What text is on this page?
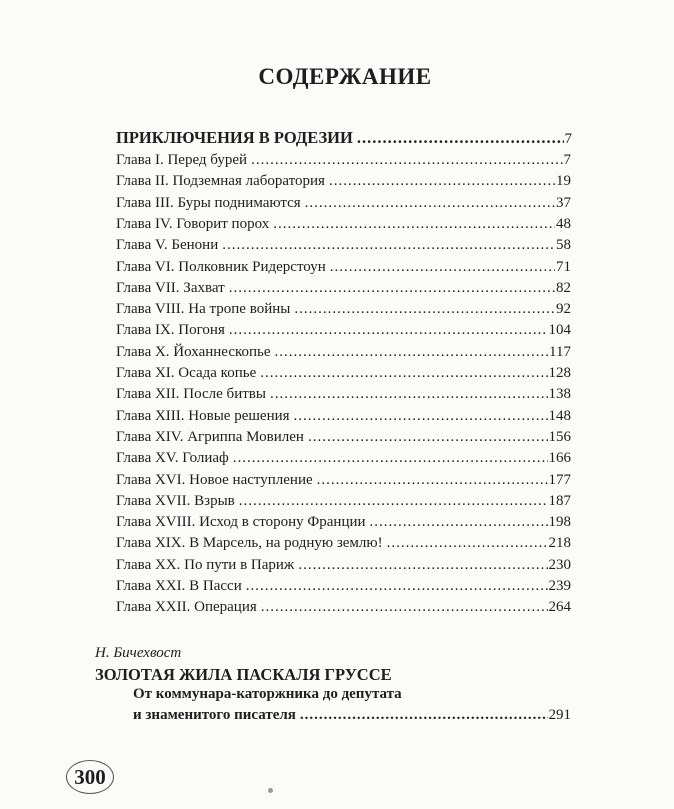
СОДЕРЖАНИЕ
ПРИКЛЮЧЕНИЯ В РОДЕЗИИ .....	7
Глава I. Перед бурей .....	7
Глава II. Подземная лаборатория .....	19
Глава III. Буры поднимаются .....	37
Глава IV. Говорит порох .....	48
Глава V. Бенони .....	58
Глава VI. Полковник Ридерстоун .....	71
Глава VII. Захват .....	82
Глава VIII. На тропе войны .....	92
Глава IX. Погоня .....	104
Глава X. Йоханнескопье .....	117
Глава XI. Осада копье .....	128
Глава XII. После битвы .....	138
Глава XIII. Новые решения .....	148
Глава XIV. Агриппа Мовилен .....	156
Глава XV. Голиаф .....	166
Глава XVI. Новое наступление .....	177
Глава XVII. Взрыв .....	187
Глава XVIII. Исход в сторону Франции .....	198
Глава XIX. В Марсель, на родную землю! .....	218
Глава XX. По пути в Париж .....	230
Глава XXI. В Пасси .....	239
Глава XXII. Операция .....	264
Н. Бичехвост
ЗОЛОТАЯ ЖИЛА ПАСКАЛЯ ГРУССЕ
От коммунара-каторжника до депутата
и знаменитого писателя .....	291
300
